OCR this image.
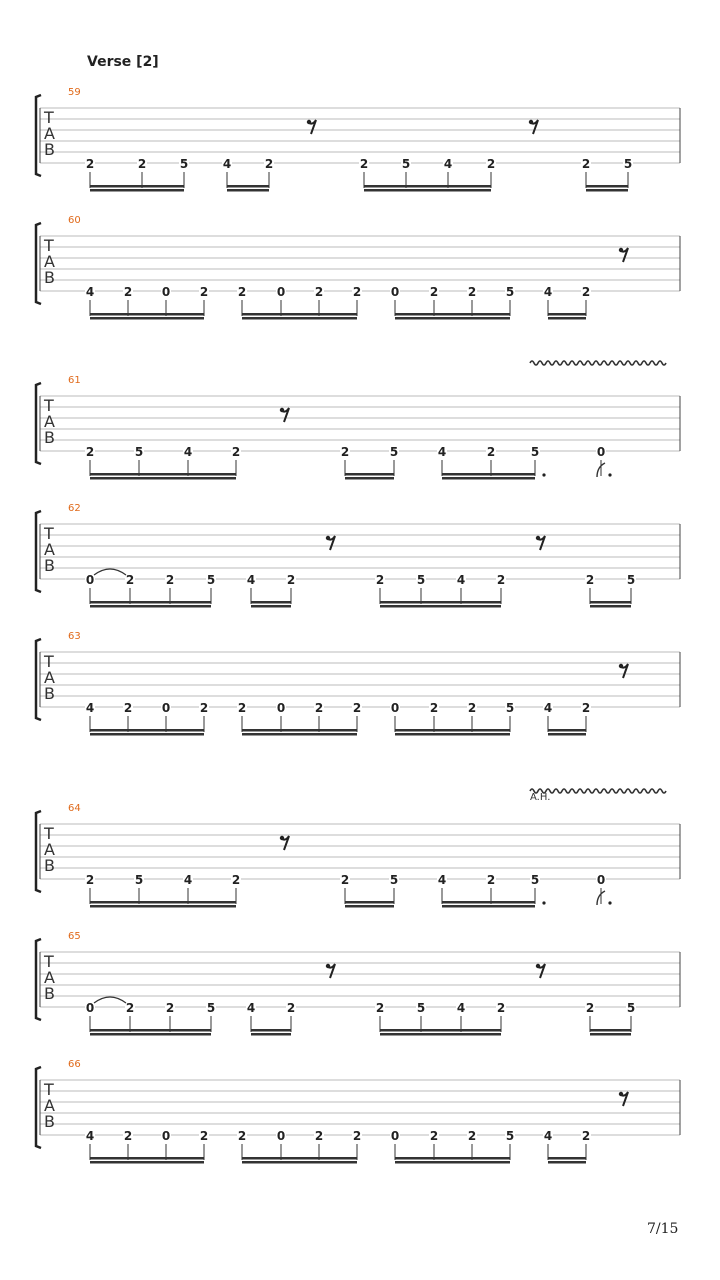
Verse [2]
59
T
A
B
2	2	5	4	2	2	5	4	2	2	5
60
T
A
B
4 2 0 2 2	0 2 2 0	2 2 5 4 2
61
T
A
B
2	5	4	2	2	5	4	2	5	0
62
T
A
B
0	2	2	5	4	2	2	5	4	2	2	5
63
T
A
B
4 2 0 2 2	0 2 2 0	2 2 5 4 2
64
T
A
B
2	5	4	2	2	5	4	2	5	0
A.H.
65
T
A
B
0	2	2	5	4	2	2	5	4	2	2	5
66
T
A
B
4 2 0 2 2	0 2 2 0	2 2 5 4 2
7/15
